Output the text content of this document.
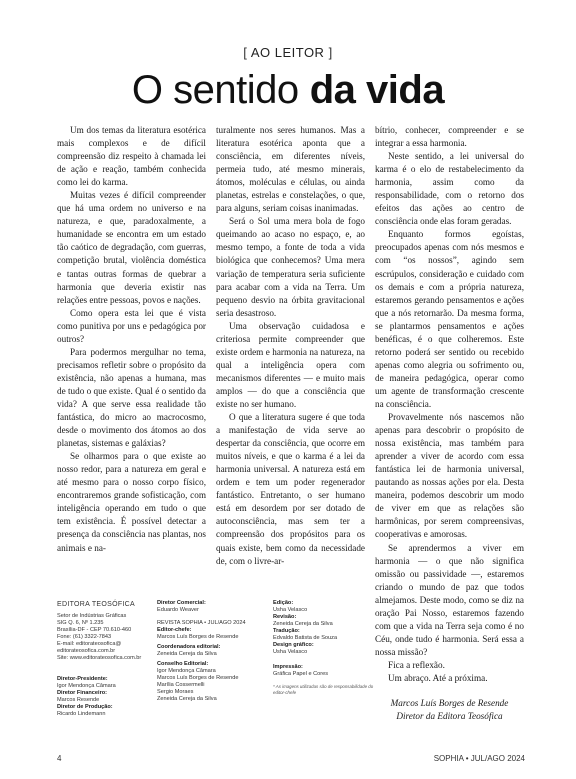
[ AO LEITOR ]
O sentido da vida

Um dos temas da literatura esotérica mais complexos e de difícil compreensão diz respeito à chamada lei de ação e reação, também conhecida como lei do karma.

Muitas vezes é difícil compreender que há uma ordem no universo e na natureza, e que, paradoxalmente, a humanidade se encontra em um estado tão caótico de degradação, com guerras, competição brutal, violência doméstica e tantas outras formas de quebrar a harmonia que deveria existir nas relações entre pessoas, povos e nações.

Como opera esta lei que é vista como punitiva por uns e pedagógica por outros?

Para podermos mergulhar no tema, precisamos refletir sobre o propósito da existência, não apenas a humana, mas de tudo o que existe. Qual é o sentido da vida? A que serve essa realidade tão fantástica, do micro ao macrocosmo, desde o movimento dos átomos ao dos planetas, sistemas e galáxias?

Se olharmos para o que existe ao nosso redor, para a natureza em geral e até mesmo para o nosso corpo físico, encontraremos grande sofisticação, com inteligência operando em tudo o que tem existência. É possível detectar a presença da consciência nas plantas, nos animais e na-

turalmente nos seres humanos. Mas a literatura esotérica aponta que a consciência, em diferentes níveis, permeia tudo, até mesmo minerais, átomos, moléculas e células, ou ainda planetas, estrelas e constelações, o que, para alguns, seriam coisas inanimadas.

Será o Sol uma mera bola de fogo queimando ao acaso no espaço, e, ao mesmo tempo, a fonte de toda a vida biológica que conhecemos? Uma mera variação de temperatura seria suficiente para acabar com a vida na Terra. Um pequeno desvio na órbita gravitacional seria desastroso.

Uma observação cuidadosa e criteriosa permite compreender que existe ordem e harmonia na natureza, na qual a inteligência opera com mecanismos diferentes — e muito mais amplos — do que a consciência que existe no ser humano.

O que a literatura sugere é que toda a manifestação de vida serve ao despertar da consciência, que ocorre em muitos níveis, e que o karma é a lei da harmonia universal. A natureza está em ordem e tem um poder regenerador fantástico. Entretanto, o ser humano está em desordem por ser dotado de autoconsciência, mas sem ter a compreensão dos propósitos para os quais existe, bem como da necessidade de, com o livre-ar-

bítrio, conhecer, compreender e se integrar a essa harmonia.

Neste sentido, a lei universal do karma é o elo de restabelecimento da harmonia, assim como da responsabilidade, com o retorno dos efeitos das ações ao centro de consciência onde elas foram geradas.

Enquanto formos egoístas, preocupados apenas com nós mesmos e com “os nossos”, agindo sem escrúpulos, consideração e cuidado com os demais e com a própria natureza, estaremos gerando pensamentos e ações que a nós retornarão. Da mesma forma, se plantarmos pensamentos e ações benéficas, é o que colheremos. Este retorno poderá ser sentido ou recebido apenas como alegria ou sofrimento ou, de maneira pedagógica, operar como um agente de transformação crescente na consciência.

Provavelmente nós nascemos não apenas para descobrir o propósito de nossa existência, mas também para aprender a viver de acordo com essa fantástica lei de harmonia universal, pautando as nossas ações por ela. Desta maneira, podemos descobrir um modo de viver em que as relações são harmônicas, por serem compreensivas, cooperativas e amorosas.

Se aprendermos a viver em harmonia — o que não significa omissão ou passividade —, estaremos criando o mundo de paz que todos almejamos. Deste modo, como se diz na oração Pai Nosso, estaremos fazendo com que a vida na Terra seja como é no Céu, onde tudo é harmonia. Será essa a nossa missão?

Fica a reflexão.

Um abraço. Até a próxima.

Marcos Luís Borges de Resende
Diretor da Editora Teosófica
EDITORA TEOSÓFICA
Setor de Indústrias Gráficas
SIG Q. 6, Nº 1.235
Brasília-DF - CEP 70.610-460
Fone: (61) 3322-7843
E-mail: editorateosofica@
editorateosofica.com.br
Site: www.editorateosofica.com.br
Diretor-Presidente:
Igor Mendonça Câmara
Diretor Financeiro:
Marcos Resende
Diretor de Produção:
Ricardo Lindemann
Diretor Comercial:
Eduardo Weaver
REVISTA SOPHIA • JUL/AGO 2024
Editor-chefe:
Marcos Luís Borges de Resende
Coordenadora editorial:
Zeneida Cereja da Silva
Conselho Editorial:
Igor Mendonça Câmara
Marcos Luís Borges de Resende
Marília Cossermelli
Sergio Moraes
Zeneida Cereja da Silva
Edição:
Usha Velasco
Revisão:
Zeneida Cereja da Silva
Tradução:
Edvaldo Batista de Souza
Design gráfico:
Usha Velasco
Impressão:
Gráfica Papel e Cores
* As imagens utilizadas são de responsabilidade do editor-chefe
4	SOPHIA • JUL/AGO 2024
